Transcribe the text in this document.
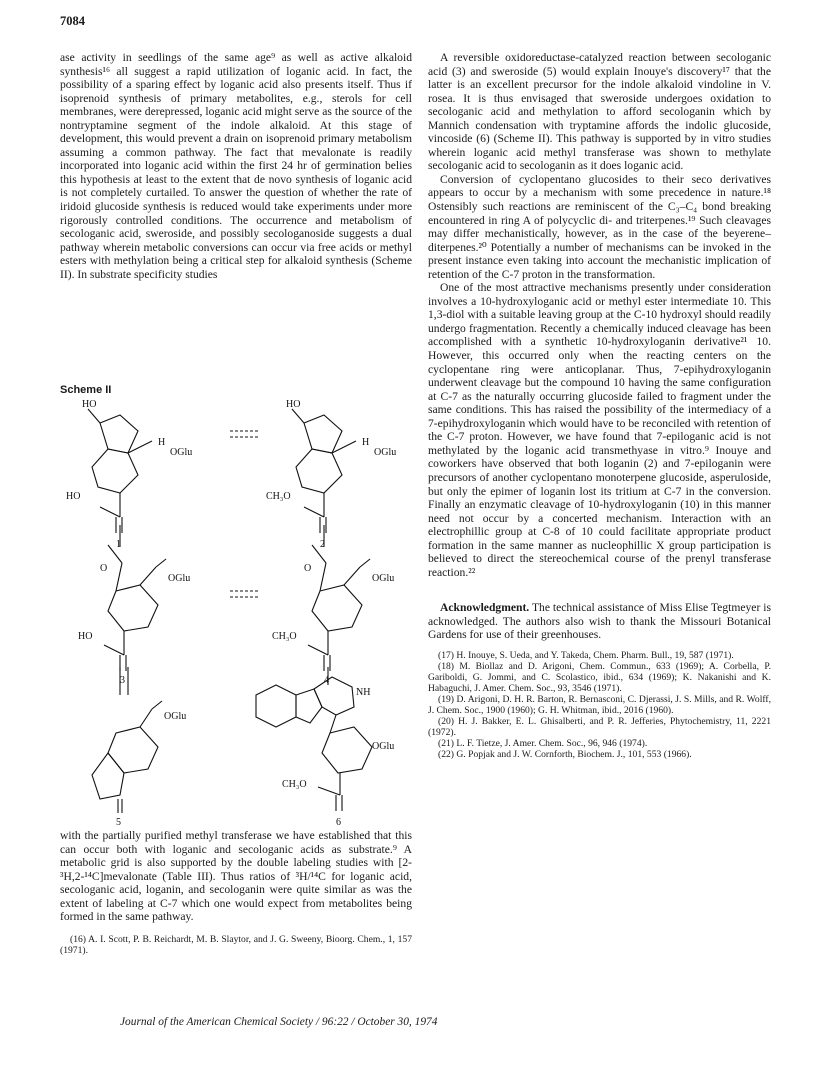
7084

ase activity in seedlings of the same age⁹ as well as active alkaloid synthesis¹⁶ all suggest a rapid utilization of loganic acid. In fact, the possibility of a sparing effect by loganic acid also presents itself. Thus if isoprenoid synthesis of primary metabolites, e.g., sterols for cell membranes, were derepressed, loganic acid might serve as the source of the nontryptamine segment of the indole alkaloid. At this stage of development, this would prevent a drain on isoprenoid primary metabolism assuming a common pathway. The fact that mevalonate is readily incorporated into loganic acid within the first 24 hr of germination belies this hypothesis at least to the extent that de novo synthesis of loganic acid is not completely curtailed. To answer the question of whether the rate of iridoid glucoside synthesis is reduced would take experiments under more rigorously controlled conditions. The occurrence and metabolism of secologanic acid, sweroside, and possibly secologanoside suggests a dual pathway wherein metabolic conversions can occur via free acids or methyl esters with methylation being a critical step for alkaloid synthesis (Scheme II). In substrate specificity studies

Scheme II
HO
H
OGlu
HO
1
HO
H
OGlu
CH₃O
2
O
OGlu
HO
3
O
OGlu
CH₃O
4
OGlu
5
NH
OGlu
CH₃O
6

with the partially purified methyl transferase we have established that this can occur both with loganic and secologanic acids as substrate.⁹ A metabolic grid is also supported by the double labeling studies with [2-³H,2-¹⁴C]mevalonate (Table III). Thus ratios of ³H/¹⁴C for loganic acid, secologanic acid, loganin, and secologanin were quite similar as was the extent of labeling at C-7 which one would expect from metabolites being formed in the same pathway.

(16) A. I. Scott, P. B. Reichardt, M. B. Slaytor, and J. G. Sweeny, Bioorg. Chem., 1, 157 (1971).

A reversible oxidoreductase-catalyzed reaction between secologanic acid (3) and sweroside (5) would explain Inouye's discovery¹⁷ that the latter is an excellent precursor for the indole alkaloid vindoline in V. rosea. It is thus envisaged that sweroside undergoes oxidation to secologanic acid and methylation to afford secologanin which by Mannich condensation with tryptamine affords the indolic glucoside, vincoside (6) (Scheme II). This pathway is supported by in vitro studies wherein loganic acid methyl transferase was shown to methylate secologanic acid to secologanin as it does loganic acid.

Conversion of cyclopentano glucosides to their seco derivatives appears to occur by a mechanism with some precedence in nature.¹⁸ Ostensibly such reactions are reminiscent of the C₃–C₄ bond breaking encountered in ring A of polycyclic di- and triterpenes.¹⁹ Such cleavages may differ mechanistically, however, as in the case of the beyerene–diterpenes.²⁰ Potentially a number of mechanisms can be invoked in the present instance even taking into account the mechanistic implication of retention of the C-7 proton in the transformation.

One of the most attractive mechanisms presently under consideration involves a 10-hydroxyloganic acid or methyl ester intermediate 10. This 1,3-diol with a suitable leaving group at the C-10 hydroxyl should readily undergo fragmentation. Recently a chemically induced cleavage has been accomplished with a synthetic 10-hydroxyloganin derivative²¹ 10. However, this occurred only when the reacting centers on the cyclopentane ring were anticoplanar. Thus, 7-epihydroxyloganin underwent cleavage but the compound 10 having the same configuration at C-7 as the naturally occurring glucoside failed to fragment under the same conditions. This has raised the possibility of the intermediacy of a 7-epihydroxyloganin which would have to be reconciled with retention of the C-7 proton. However, we have found that 7-epiloganic acid is not methylated by the loganic acid transmethyase in vitro.⁹ Inouye and coworkers have observed that both loganin (2) and 7-epiloganin were precursors of another cyclopentano monoterpene glucoside, asperuloside, but only the epimer of loganin lost its tritium at C-7 in the conversion. Finally an enzymatic cleavage of 10-hydroxyloganin (10) in this manner need not occur by a concerted mechanism. Interaction with an electrophillic group at C-8 of 10 could facilitate appropriate product formation in the same manner as nucleophillic X group participation is believed to direct the stereochemical course of the prenyl transferase reaction.²²

Acknowledgment. The technical assistance of Miss Elise Tegtmeyer is acknowledged. The authors also wish to thank the Missouri Botanical Gardens for use of their greenhouses.

(17) H. Inouye, S. Ueda, and Y. Takeda, Chem. Pharm. Bull., 19, 587 (1971).

(18) M. Biollaz and D. Arigoni, Chem. Commun., 633 (1969); A. Corbella, P. Gariboldi, G. Jommi, and C. Scolastico, ibid., 634 (1969); K. Nakanishi and K. Habaguchi, J. Amer. Chem. Soc., 93, 3546 (1971).

(19) D. Arigoni, D. H. R. Barton, R. Bernasconi, C. Djerassi, J. S. Mills, and R. Wolff, J. Chem. Soc., 1900 (1960); G. H. Whitman, ibid., 2016 (1960).

(20) H. J. Bakker, E. L. Ghisalberti, and P. R. Jefferies, Phytochemistry, 11, 2221 (1972).

(21) L. F. Tietze, J. Amer. Chem. Soc., 96, 946 (1974).

(22) G. Popjak and J. W. Cornforth, Biochem. J., 101, 553 (1966).

Journal of the American Chemical Society / 96:22 / October 30, 1974
